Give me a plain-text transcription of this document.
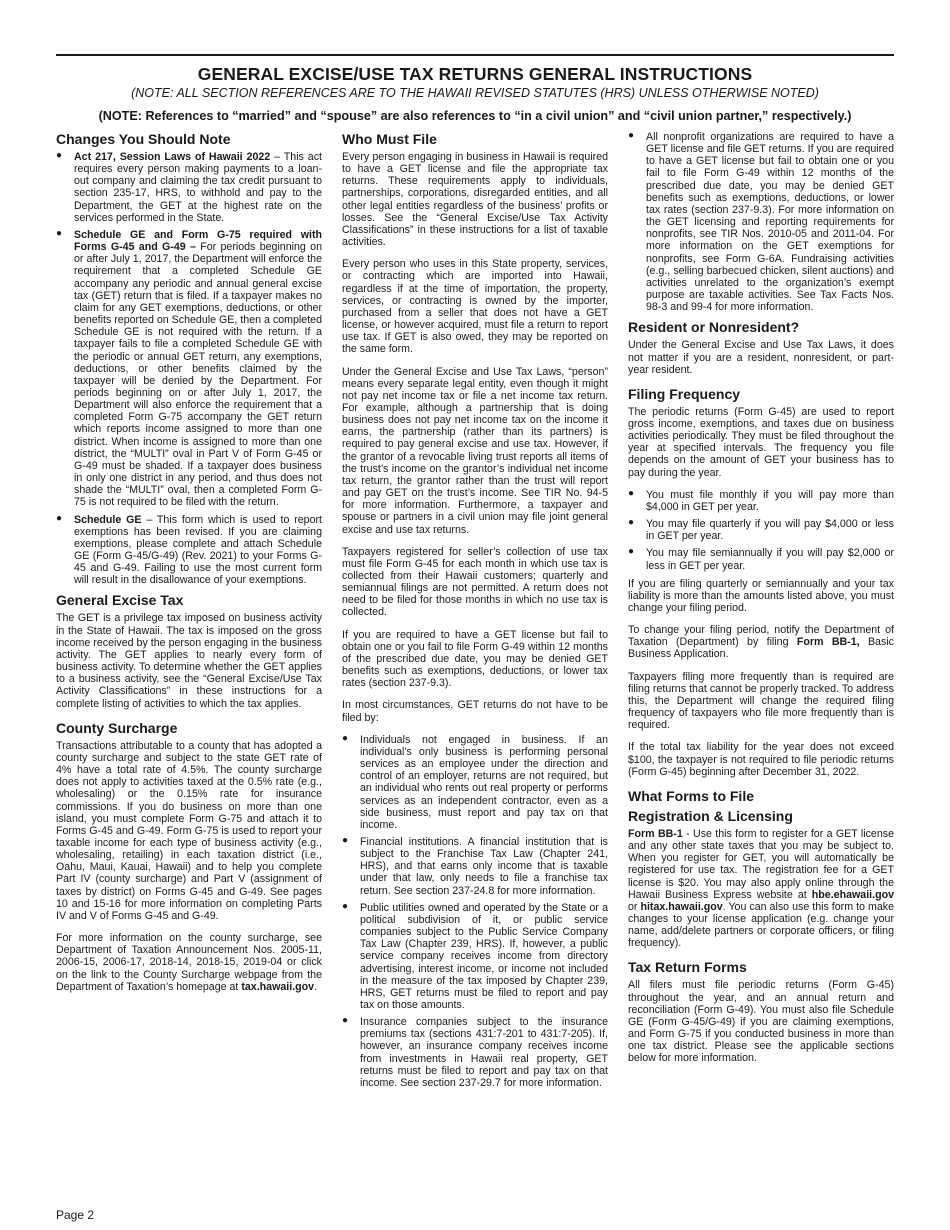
GENERAL EXCISE/USE TAX RETURNS GENERAL INSTRUCTIONS
(NOTE: ALL SECTION REFERENCES ARE TO THE HAWAII REVISED STATUTES (HRS) UNLESS OTHERWISE NOTED)
(NOTE: References to “married” and “spouse” are also references to “in a civil union” and “civil union partner,” respectively.)
Changes You Should Note
● Act 217, Session Laws of Hawaii 2022 – This act requires every person making payments to a loan-out company and claiming the tax credit pursuant to section 235-17, HRS, to withhold and pay to the Department, the GET at the highest rate on the services performed in the State.
● Schedule GE and Form G-75 required with Forms G-45 and G-49 – For periods beginning on or after July 1, 2017, the Department will enforce the requirement that a completed Schedule GE accompany any periodic and annual general excise tax (GET) return that is filed. If a taxpayer makes no claim for any GET exemptions, deductions, or other benefits reported on Schedule GE, then a completed Schedule GE is not required with the return. If a taxpayer fails to file a completed Schedule GE with the periodic or annual GET return, any exemptions, deductions, or other benefits claimed by the taxpayer will be denied by the Department. For periods beginning on or after July 1, 2017, the Department will also enforce the requirement that a completed Form G-75 accompany the GET return which reports income assigned to more than one district. When income is assigned to more than one district, the “MULTI” oval in Part V of Form G-45 or G-49 must be shaded. If a taxpayer does business in only one district in any period, and thus does not shade the “MULTI” oval, then a completed Form G-75 is not required to be filed with the return.
● Schedule GE – This form which is used to report exemptions has been revised. If you are claiming exemptions, please complete and attach Schedule GE (Form G-45/G-49) (Rev. 2021) to your Forms G-45 and G-49. Failing to use the most current form will result in the disallowance of your exemptions.
General Excise Tax

The GET is a privilege tax imposed on business activity in the State of Hawaii. The tax is imposed on the gross income received by the person engaging in the business activity. The GET applies to nearly every form of business activity. To determine whether the GET applies to a business activity, see the “General Excise/Use Tax Activity Classifications” in these instructions for a complete listing of activities to which the tax applies.

County Surcharge

Transactions attributable to a county that has adopted a county surcharge and subject to the state GET rate of 4% have a total rate of 4.5%. The county surcharge does not apply to activities taxed at the 0.5% rate (e.g., wholesaling) or the 0.15% rate for insurance commissions. If you do business on more than one island, you must complete Form G-75 and attach it to Forms G-45 and G-49. Form G-75 is used to report your taxable income for each type of business activity (e.g., wholesaling, retailing) in each taxation district (i.e., Oahu, Maui, Kauai, Hawaii) and to help you complete Part IV (county surcharge) and Part V (assignment of taxes by district) on Forms G-45 and G-49. See pages 10 and 15-16 for more information on completing Parts IV and V of Forms G-45 and G-49.

For more information on the county surcharge, see Department of Taxation Announcement Nos. 2005-11, 2006-15, 2006-17, 2018-14, 2018-15, 2019-04 or click on the link to the County Surcharge webpage from the Department of Taxation’s homepage at tax.hawaii.gov.

Who Must File

Every person engaging in business in Hawaii is required to have a GET license and file the appropriate tax returns. These requirements apply to individuals, partnerships, corporations, disregarded entities, and all other legal entities regardless of the business’ profits or losses. See the “General Excise/Use Tax Activity Classifications” in these instructions for a list of taxable activities.

Every person who uses in this State property, services, or contracting which are imported into Hawaii, regardless if at the time of importation, the property, services, or contracting is owned by the importer, purchased from a seller that does not have a GET license, or however acquired, must file a return to report use tax. If GET is also owed, they may be reported on the same form.

Under the General Excise and Use Tax Laws, “person” means every separate legal entity, even though it might not pay net income tax or file a net income tax return. For example, although a partnership that is doing business does not pay net income tax on the income it earns, the partnership (rather than its partners) is required to pay general excise and use tax. However, if the grantor of a revocable living trust reports all items of the trust’s income on the grantor’s individual net income tax return, the grantor rather than the trust will report and pay GET on the trust’s income. See TIR No. 94-5 for more information. Furthermore, a taxpayer and spouse or partners in a civil union may file joint general excise and use tax returns.

Taxpayers registered for seller’s collection of use tax must file Form G-45 for each month in which use tax is collected from their Hawaii customers; quarterly and semiannual filings are not permitted. A return does not need to be filed for those months in which no use tax is collected.

If you are required to have a GET license but fail to obtain one or you fail to file Form G-49 within 12 months of the prescribed due date, you may be denied GET benefits such as exemptions, deductions, or lower tax rates (section 237-9.3).

In most circumstances, GET returns do not have to be filed by:

● Individuals not engaged in business. If an individual’s only business is performing personal services as an employee under the direction and control of an employer, returns are not required, but an individual who rents out real property or performs services as an independent contractor, even as a side business, must report and pay tax on that income.
● Financial institutions. A financial institution that is subject to the Franchise Tax Law (Chapter 241, HRS), and that earns only income that is taxable under that law, only needs to file a franchise tax return. See section 237-24.8 for more information.
● Public utilities owned and operated by the State or a political subdivision of it, or public service companies subject to the Public Service Company Tax Law (Chapter 239, HRS). If, however, a public service company receives income from directory advertising, interest income, or income not included in the measure of the tax imposed by Chapter 239, HRS, GET returns must be filed to report and pay tax on those amounts.
● Insurance companies subject to the insurance premiums tax (sections 431:7-201 to 431:7-205). If, however, an insurance company receives income from investments in Hawaii real property, GET returns must be filed to report and pay tax on that income. See section 237-29.7 for more information.
● All nonprofit organizations are required to have a GET license and file GET returns. If you are required to have a GET license but fail to obtain one or you fail to file Form G-49 within 12 months of the prescribed due date, you may be denied GET benefits such as exemptions, deductions, or lower tax rates (section 237-9.3). For more information on the GET licensing and reporting requirements for nonprofits, see TIR Nos. 2010-05 and 2011-04. For more information on the GET exemptions for nonprofits, see Form G-6A. Fundraising activities (e.g., selling barbecued chicken, silent auctions) and activities unrelated to the organization’s exempt purpose are taxable activities. See Tax Facts Nos. 98-3 and 99-4 for more information.
Resident or Nonresident?

Under the General Excise and Use Tax Laws, it does not matter if you are a resident, nonresident, or part-year resident.

Filing Frequency

The periodic returns (Form G-45) are used to report gross income, exemptions, and taxes due on business activities periodically. They must be filed throughout the year at specified intervals. The frequency you file depends on the amount of GET your business has to pay during the year.

● You must file monthly if you will pay more than $4,000 in GET per year.
● You may file quarterly if you will pay $4,000 or less in GET per year.
● You may file semiannually if you will pay $2,000 or less in GET per year.

If you are filing quarterly or semiannually and your tax liability is more than the amounts listed above, you must change your filing period.

To change your filing period, notify the Department of Taxation (Department) by filing Form BB-1, Basic Business Application.

Taxpayers filing more frequently than is required are filing returns that cannot be properly tracked. To address this, the Department will change the required filing frequency of taxpayers who file more frequently than is required.

If the total tax liability for the year does not exceed $100, the taxpayer is not required to file periodic returns (Form G-45) beginning after December 31, 2022.

What Forms to File
Registration & Licensing

Form BB-1 - Use this form to register for a GET license and any other state taxes that you may be subject to. When you register for GET, you will automatically be registered for use tax. The registration fee for a GET license is $20. You may also apply online through the Hawaii Business Express website at hbe.ehawaii.gov or hitax.hawaii.gov. You can also use this form to make changes to your license application (e.g. change your name, add/delete partners or corporate officers, or filing frequency).

Tax Return Forms

All filers must file periodic returns (Form G-45) throughout the year, and an annual return and reconciliation (Form G-49). You must also file Schedule GE (Form G-45/G-49) if you are claiming exemptions, and Form G-75 if you conducted business in more than one tax district. Please see the applicable sections below for more information.

Page 2
